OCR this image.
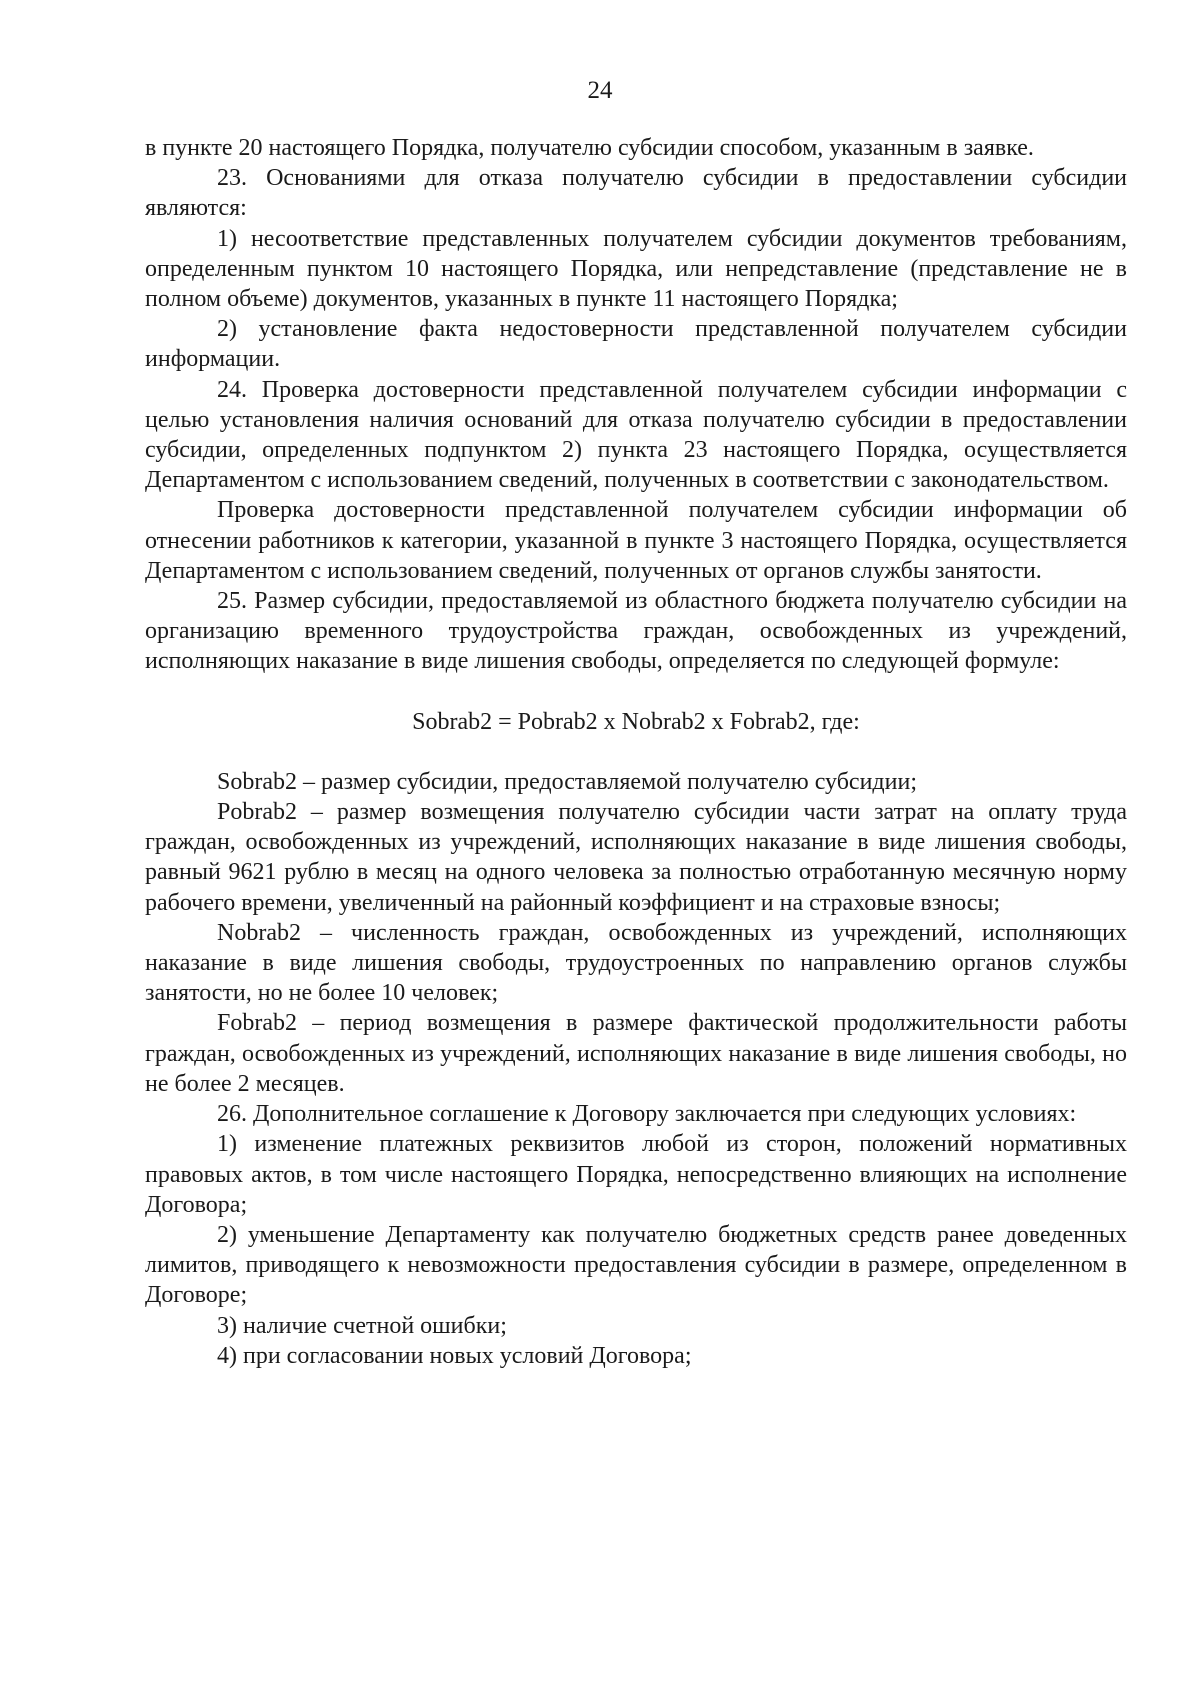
24

в пункте 20 настоящего Порядка, получателю субсидии способом, указанным в заявке.

23. Основаниями для отказа получателю субсидии в предоставлении субсидии являются:

1) несоответствие представленных получателем субсидии документов требованиям, определенным пунктом 10 настоящего Порядка, или непредставление (представление не в полном объеме) документов, указанных в пункте 11 настоящего Порядка;

2) установление факта недостоверности представленной получателем субсидии информации.

24. Проверка достоверности представленной получателем субсидии информации с целью установления наличия оснований для отказа получателю субсидии в предоставлении субсидии, определенных подпунктом 2) пункта 23 настоящего Порядка, осуществляется Департаментом с использованием сведений, полученных в соответствии с законодательством.

Проверка достоверности представленной получателем субсидии информации об отнесении работников к категории, указанной в пункте 3 настоящего Порядка, осуществляется Департаментом с использованием сведений, полученных от органов службы занятости.

25. Размер субсидии, предоставляемой из областного бюджета получателю субсидии на организацию временного трудоустройства граждан, освобожденных из учреждений, исполняющих наказание в виде лишения свободы, определяется по следующей формуле:

Sobrab2 = Pobrab2 x Nobrab2 x Fobrab2, где:

Sobrab2 – размер субсидии, предоставляемой получателю субсидии;

Pobrab2 – размер возмещения получателю субсидии части затрат на оплату труда граждан, освобожденных из учреждений, исполняющих наказание в виде лишения свободы, равный 9621 рублю в месяц на одного человека за полностью отработанную месячную норму рабочего времени, увеличенный на районный коэффициент и на страховые взносы;

Nobrab2 – численность граждан, освобожденных из учреждений, исполняющих наказание в виде лишения свободы, трудоустроенных по направлению органов службы занятости, но не более 10 человек;

Fobrab2 – период возмещения в размере фактической продолжительности работы граждан, освобожденных из учреждений, исполняющих наказание в виде лишения свободы, но не более 2 месяцев.

26. Дополнительное соглашение к Договору заключается при следующих условиях:

1) изменение платежных реквизитов любой из сторон, положений нормативных правовых актов, в том числе настоящего Порядка, непосредственно влияющих на исполнение Договора;

2) уменьшение Департаменту как получателю бюджетных средств ранее доведенных лимитов, приводящего к невозможности предоставления субсидии в размере, определенном в Договоре;

3) наличие счетной ошибки;

4) при согласовании новых условий Договора;
